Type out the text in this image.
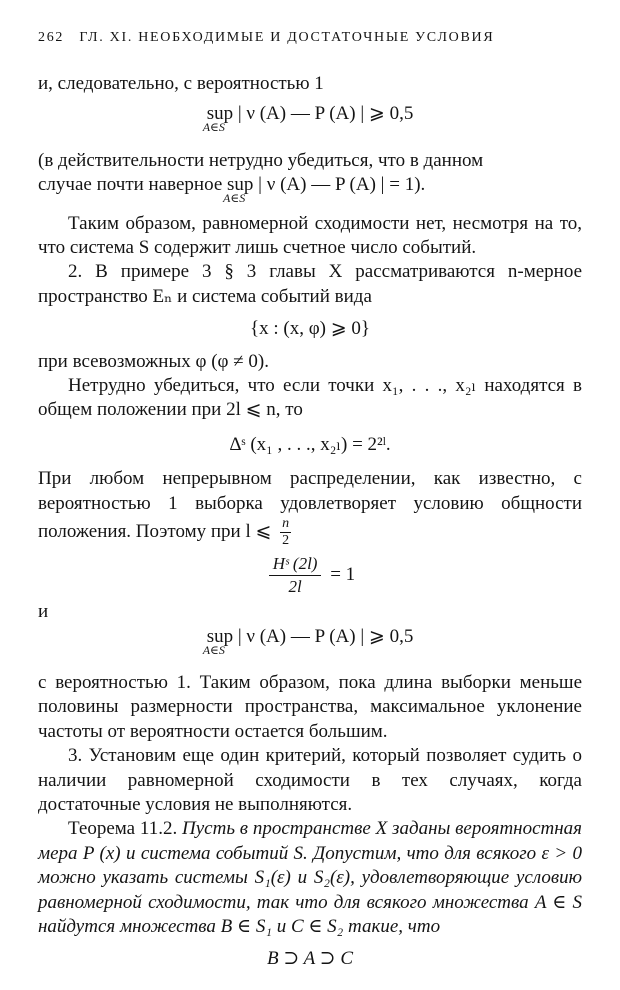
262 ГЛ. XI. НЕОБХОДИМЫЕ И ДОСТАТОЧНЫЕ УСЛОВИЯ

и, следовательно, с вероятностью 1

sup | ν (A) — P (A) | ⩾ 0,5
A∈S

(в действительности нетрудно убедиться, что в данном

случае почти наверное sup | ν (A) — P (A) | = 1).
A∈S

Таким образом, равномерной сходимости нет, несмотря на то, что система S содержит лишь счетное число событий.

2. В примере 3 § 3 главы X рассматриваются n-мерное пространство Eₙ и система событий вида

{x : (x, φ) ⩾ 0}

при всевозможных φ (φ ≠ 0).

Нетрудно убедиться, что если точки x₁, . . ., x₂ₗ находятся в общем положении при 2l ⩽ n, то

Δˢ (x₁ , . . ., x₂ₗ) = 2²ˡ.

При любом непрерывном распределении, как известно, с вероятностью 1 выборка удовлетворяет условию общности положения. Поэтому при l ⩽ $\frac{n}{2}$

$\frac{\text{Hˢ (2l)}}{2l} = 1$

и

sup | ν (A) — P (A) | ⩾ 0,5
A∈S

с вероятностью 1. Таким образом, пока длина выборки меньше половины размерности пространства, максимальное уклонение частоты от вероятности остается большим.

3. Установим еще один критерий, который позволяет судить о наличии равномерной сходимости в тех случаях, когда достаточные условия не выполняются.

Теорема 11.2. Пусть в пространстве X заданы вероятностная мера P (x) и система событий S. Допустим, что для всякого ε > 0 можно указать системы S₁(ε) и S₂(ε), удовлетворяющие условию равномерной сходимости, так что для всякого множества A ∈ S найдутся множества B ∈ S₁ и C ∈ S₂ такие, что

B ⊃ A ⊃ C
